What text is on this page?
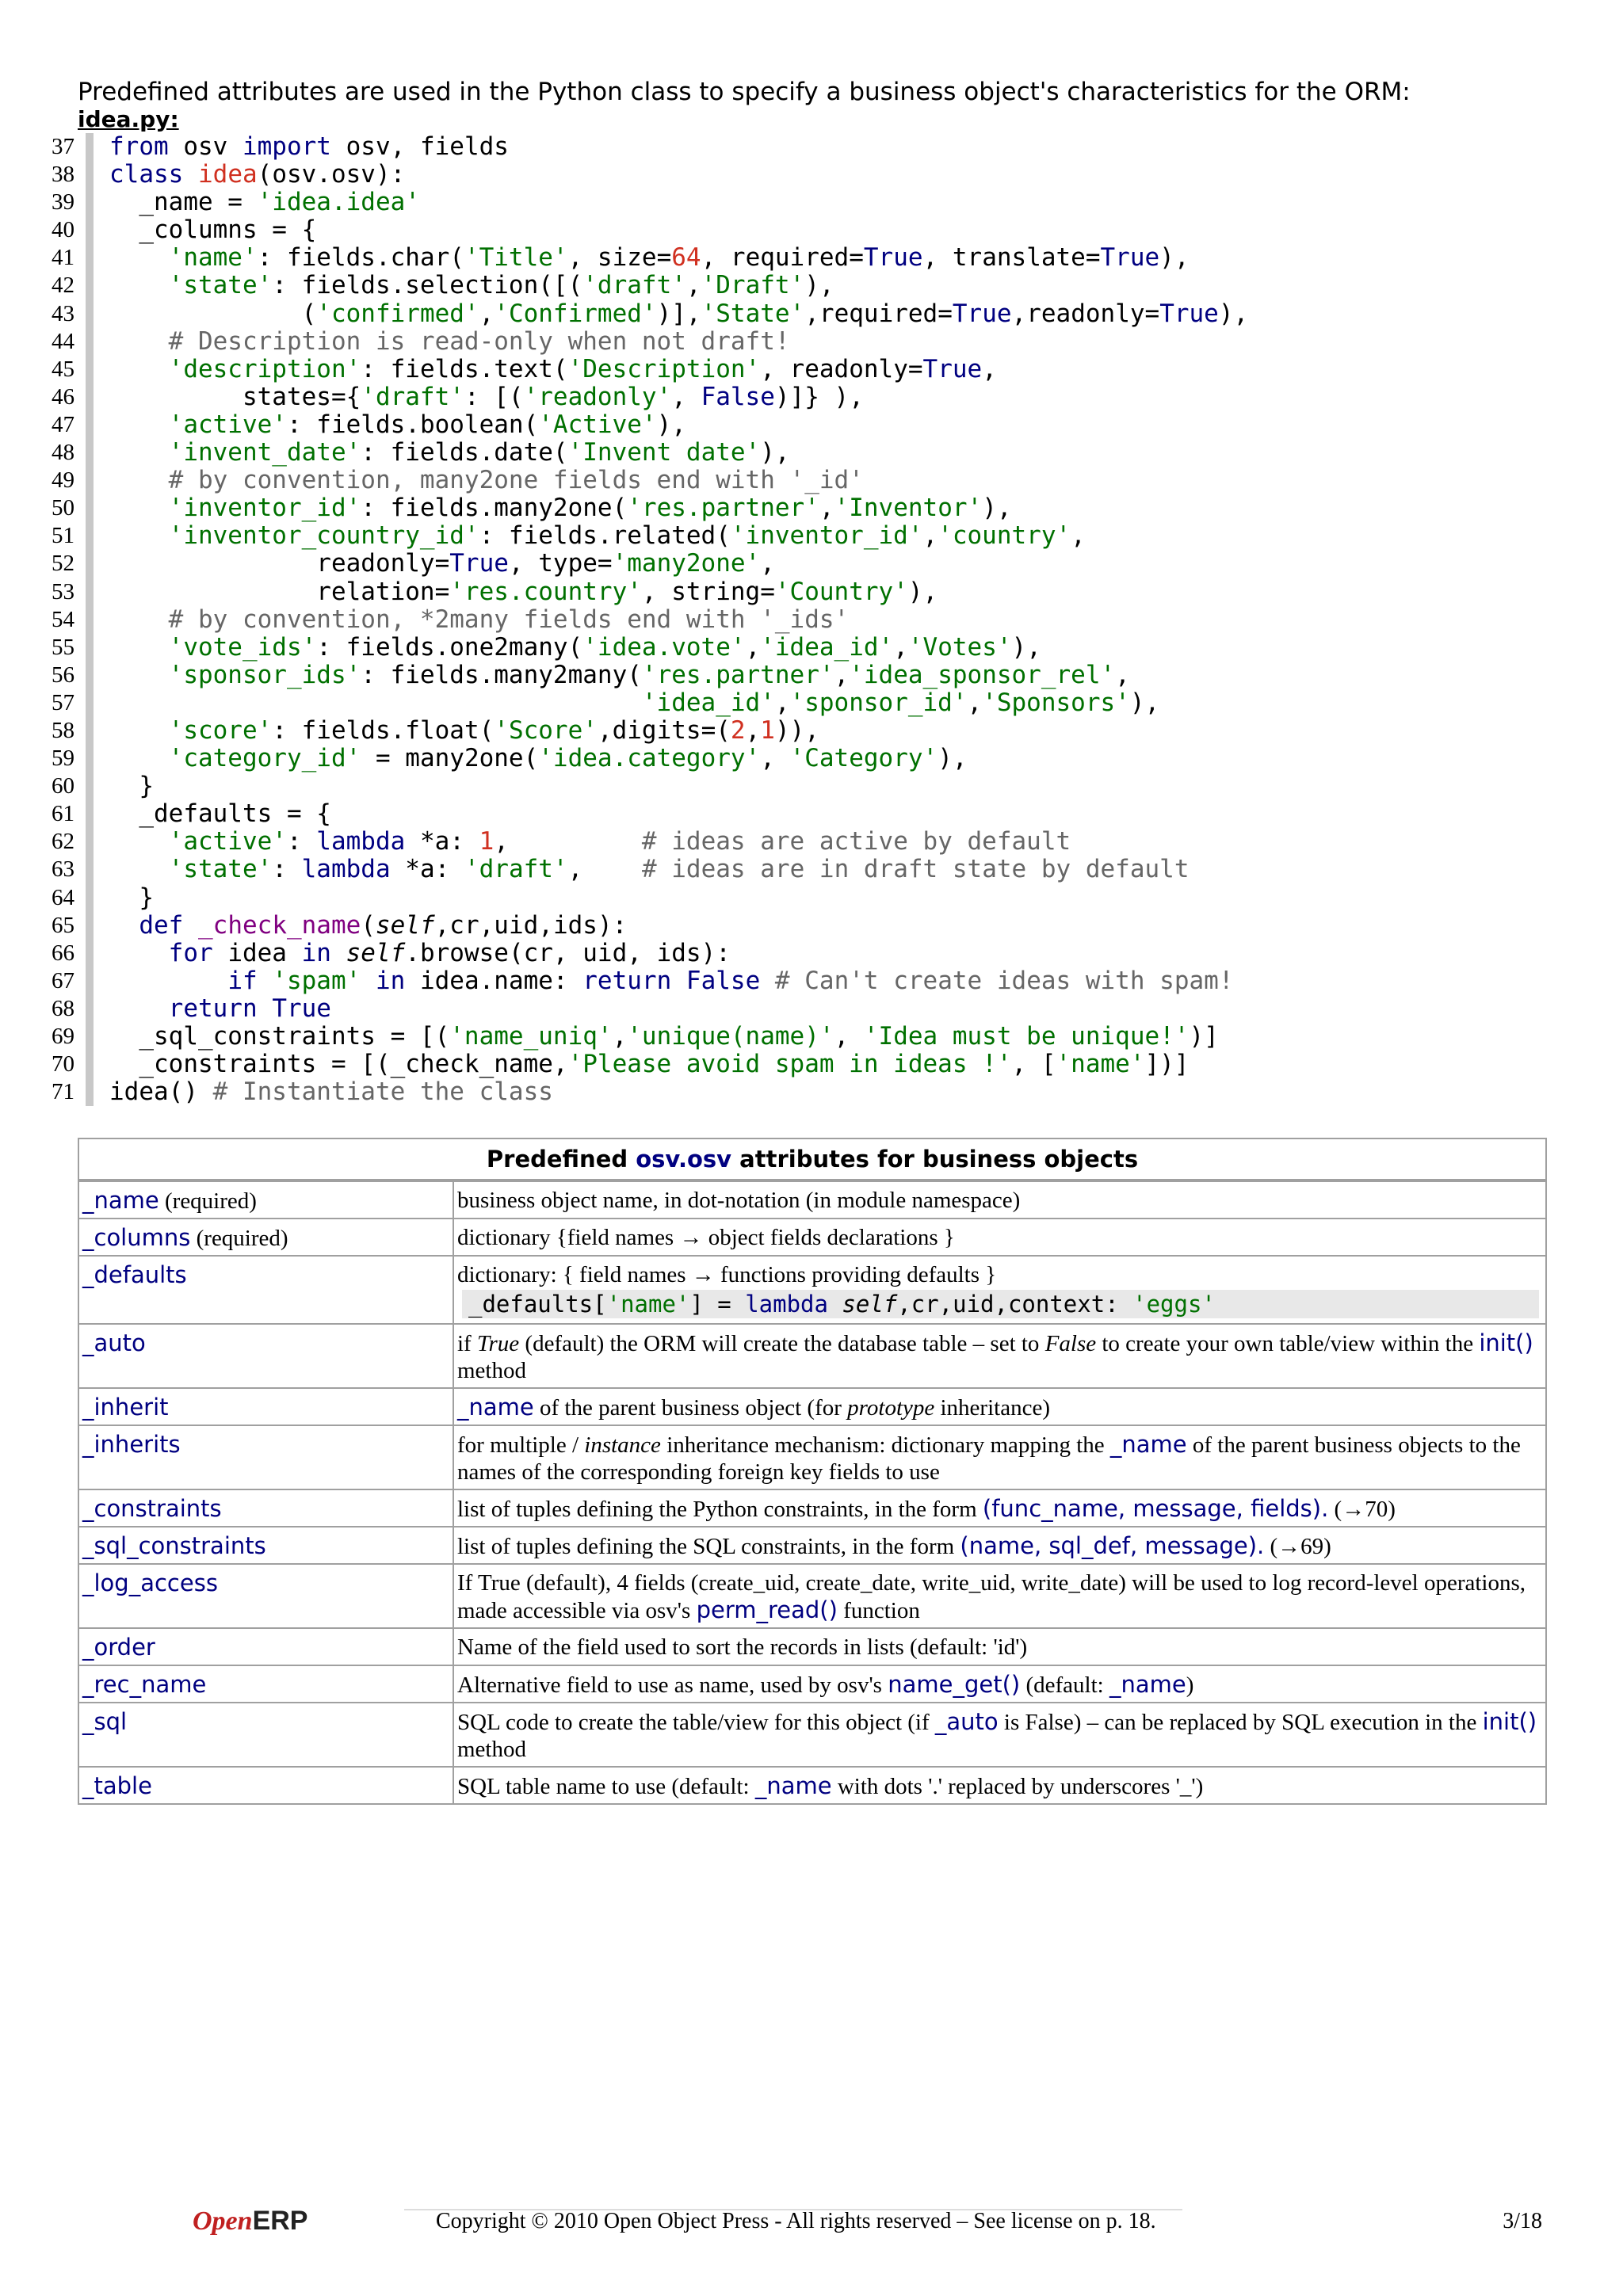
Predefined attributes are used in the Python class to specify a business object's characteristics for the ORM:

idea.py:

37 from osv import osv, fields
38 class idea(osv.osv):
39 _name = 'idea.idea'
40 _columns = {
41	'name': fields.char('Title', size=64, required=True, translate=True),
42	'state': fields.selection([('draft','Draft'),
43 ('confirmed','Confirmed')],'State',required=True,readonly=True),
44	# Description is read-only when not draft!
45	'description': fields.text('Description', readonly=True,
46 states={'draft': [('readonly', False)]} ),
47	'active': fields.boolean('Active'),
48	'invent_date': fields.date('Invent date'),
49	# by convention, many2one fields end with '_id'
50	'inventor_id': fields.many2one('res.partner','Inventor'),
51	'inventor_country_id': fields.related('inventor_id','country',
52 readonly=True, type='many2one',
53 relation='res.country', string='Country'),
54	# by convention, *2many fields end with '_ids'
55	'vote_ids': fields.one2many('idea.vote','idea_id','Votes'),
56	'sponsor_ids': fields.many2many('res.partner','idea_sponsor_rel',
57	'idea_id','sponsor_id','Sponsors'),
58	'score': fields.float('Score',digits=(2,1)),
59	'category_id' = many2one('idea.category', 'Category'),
60 }
61 _defaults = {
62	'active': lambda *a: 1,         # ideas are active by default
63	'state': lambda *a: 'draft',    # ideas are in draft state by default
64 }
65	def _check_name(self,cr,uid,ids):
66	for idea in self.browse(cr, uid, ids):
67	if 'spam' in idea.name: return False # Can't create ideas with spam!
68	return True
69 _sql_constraints = [('name_uniq','unique(name)', 'Idea must be unique!')]
70 _constraints = [(_check_name,'Please avoid spam in ideas !', ['name'])]
71 idea() # Instantiate the class
Predefined osv.osv attributes for business objects	
_name (required)	business object name, in dot-notation (in module namespace)
_columns (required)	dictionary {field names → object fields declarations }
_defaults	dictionary: { field names → functions providing defaults }
_defaults['name'] = lambda self,cr,uid,context: 'eggs'

_auto	if True (default) the ORM will create the database table – set to False to create your own table/view within the init() method
_inherit	_name of the parent business object (for prototype inheritance)
_inherits	for multiple / instance inheritance mechanism: dictionary mapping the _name of the parent business objects to the names of the corresponding foreign key fields to use
_constraints	list of tuples defining the Python constraints, in the form (func_name, message, fields). (→70)
_sql_constraints	list of tuples defining the SQL constraints, in the form (name, sql_def, message). (→69)
_log_access	If True (default), 4 fields (create_uid, create_date, write_uid, write_date) will be used to log record-level operations, made accessible via osv's perm_read() function
_order	Name of the field used to sort the records in lists (default: 'id')
_rec_name	Alternative field to use as name, used by osv's name_get() (default: _name)
_sql	SQL code to create the table/view for this object (if _auto is False) – can be replaced by SQL execution in the init() method
_table	SQL table name to use (default: _name with dots '.' replaced by underscores '_')

OpenERP	Copyright © 2010 Open Object Press - All rights reserved – See license on p. 18.	3/18
